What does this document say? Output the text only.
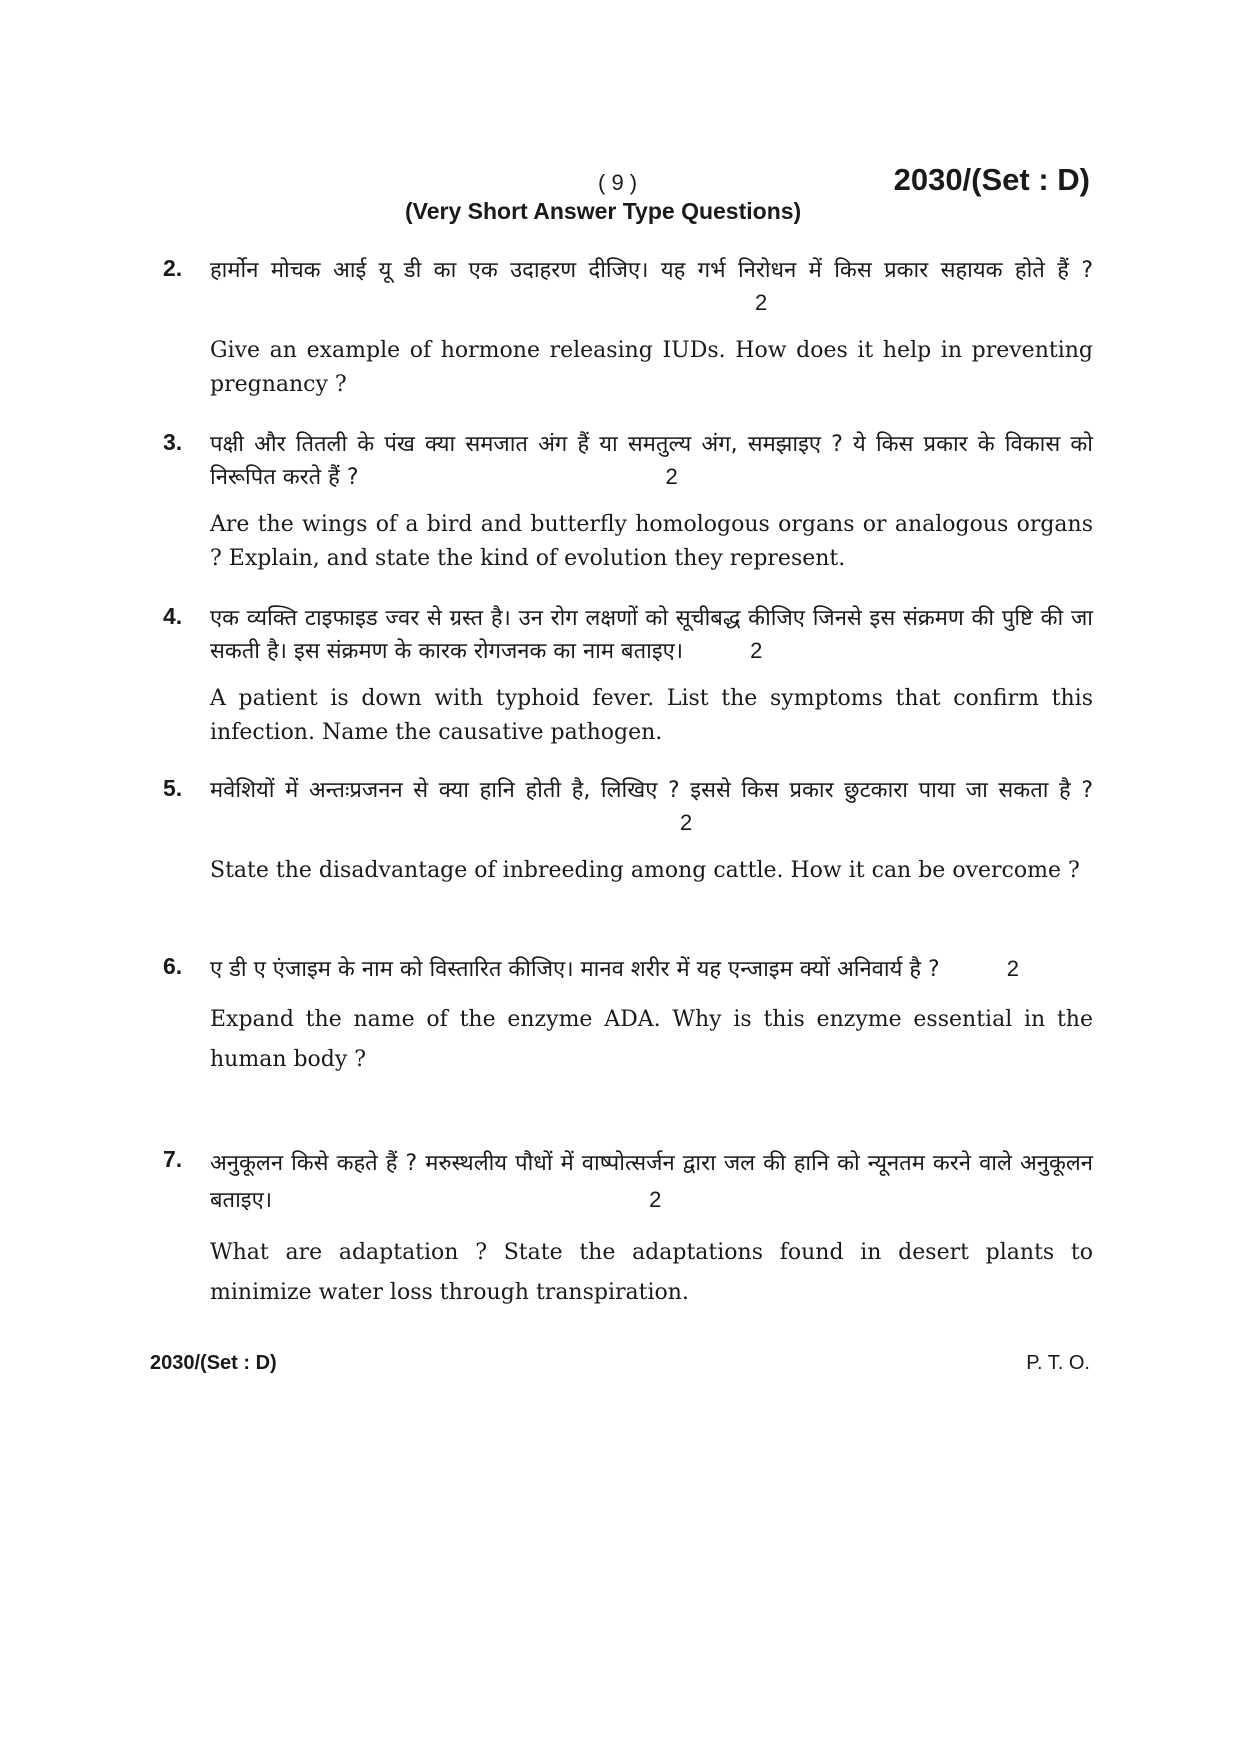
( 9 )	2030/(Set : D)
(Very Short Answer Type Questions)
2. हार्मोन मोचक आई यू डी का एक उदाहरण दीजिए। यह गर्भ निरोधन में किस प्रकार सहायक होते हैं ? 2
Give an example of hormone releasing IUDs. How does it help in preventing pregnancy ?
3. पक्षी और तितली के पंख क्या समजात अंग हैं या समतुल्य अंग, समझाइए ? ये किस प्रकार के विकास को निरूपित करते हैं ?	2
Are the wings of a bird and butterfly homologous organs or analogous organs ? Explain, and state the kind of evolution they represent.
4. एक व्यक्ति टाइफाइड ज्वर से ग्रस्त है। उन रोग लक्षणों को सूचीबद्ध कीजिए जिनसे इस संक्रमण की पुष्टि की जा सकती है। इस संक्रमण के कारक रोगजनक का नाम बताइए।	2
A patient is down with typhoid fever. List the symptoms that confirm this infection. Name the causative pathogen.
5. मवेशियों में अन्तःप्रजनन से क्या हानि होती है, लिखिए ? इससे किस प्रकार छुटकारा पाया जा सकता है ? 2
State the disadvantage of inbreeding among cattle. How it can be overcome ?
6. ए डी ए एंजाइम के नाम को विस्तारित कीजिए। मानव शरीर में यह एन्जाइम क्यों अनिवार्य है ?	2
Expand the name of the enzyme ADA. Why is this enzyme essential in the human body ?
7. अनुकूलन किसे कहते हैं ? मरुस्थलीय पौधों में वाष्पोत्सर्जन द्वारा जल की हानि को न्यूनतम करने वाले अनुकूलन बताइए।	2
What are adaptation ? State the adaptations found in desert plants to minimize water loss through transpiration.
2030/(Set : D)	P. T. O.
